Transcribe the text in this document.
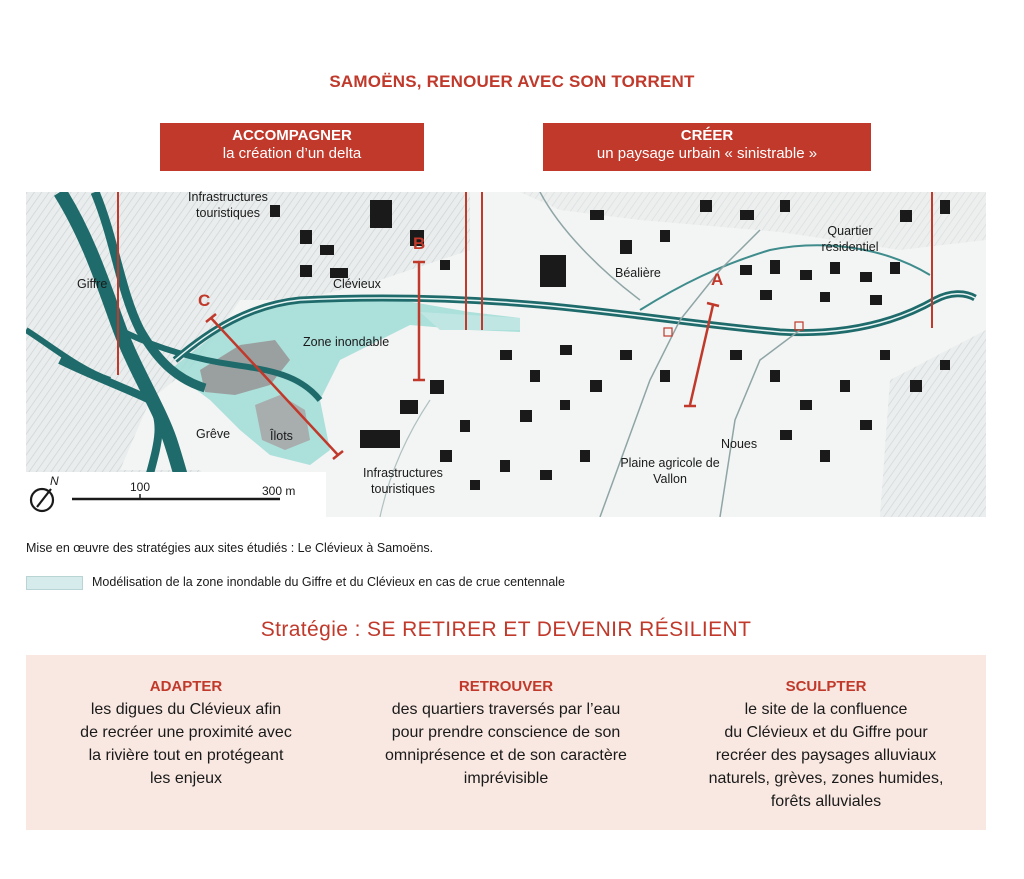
SAMOËNS, RENOUER AVEC SON TORRENT
ACCOMPAGNER
la création d’un delta
CRÉER
un paysage urbain « sinistrable »
Infrastructures touristiques
Giffre	Clévieux
Zone inondable
Grêve	Îlots
Infrastructures touristiques
Béalière
Quartier résidentiel
Noues
Plaine agricole de Vallon
A
B
C
N	100	300 m
Mise en œuvre des stratégies aux sites étudiés : Le Clévieux à Samoëns.
Modélisation de la zone inondable du Giffre et du Clévieux en cas de crue centennale
Stratégie : SE RETIRER ET DEVENIR RÉSILIENT
ADAPTER
les digues du Clévieux afin
de recréer une proximité avec
la rivière tout en protégeant
les enjeux
RETROUVER
des quartiers traversés par l’eau
pour prendre conscience de son
omniprésence et de son caractère
imprévisible
SCULPTER
le site de la confluence
du Clévieux et du Giffre pour
recréer des paysages alluviaux
naturels, grèves, zones humides,
forêts alluviales
